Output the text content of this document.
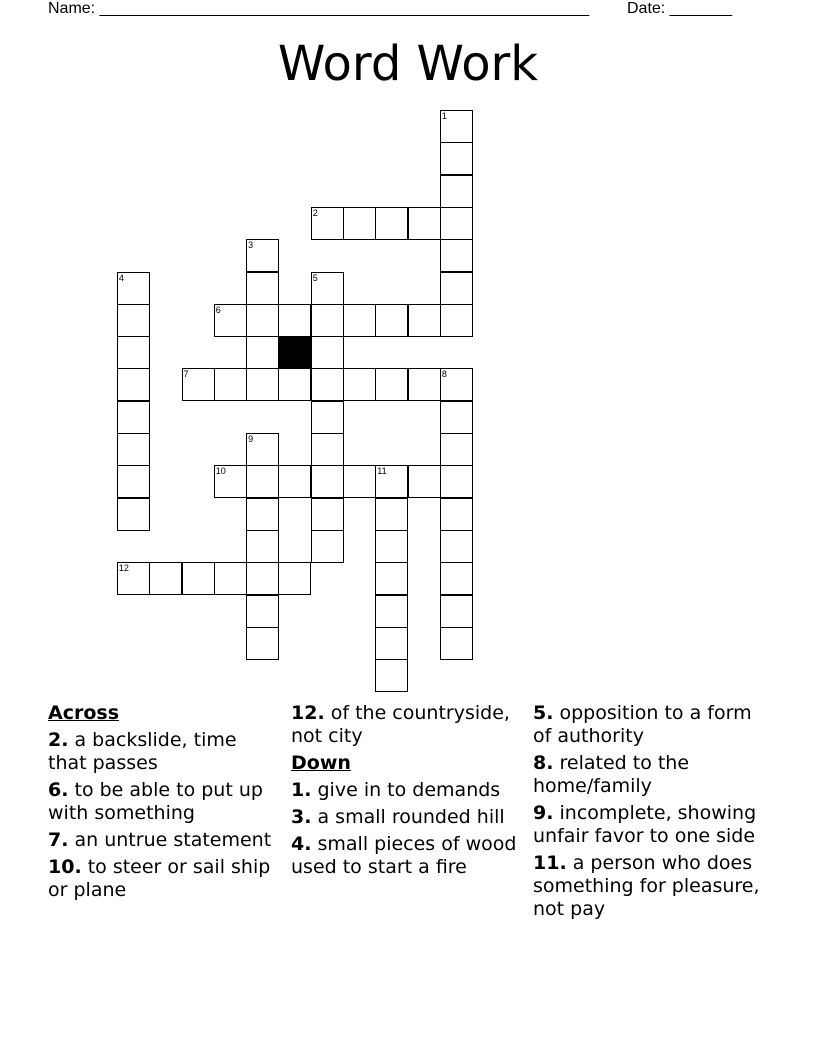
Name: _______________________________________________________ Date: _______
Word Work
1
2
3
4	5
6
7	8
9
10	11
12
Across
2. a backslide, time that passes
6. to be able to put up with something
7. an untrue statement
10. to steer or sail ship or plane
12. of the countryside, not city
Down
1. give in to demands
3. a small rounded hill
4. small pieces of wood used to start a fire
5. opposition to a form of authority
8. related to the home/family
9. incomplete, showing unfair favor to one side
11. a person who does something for pleasure, not pay
